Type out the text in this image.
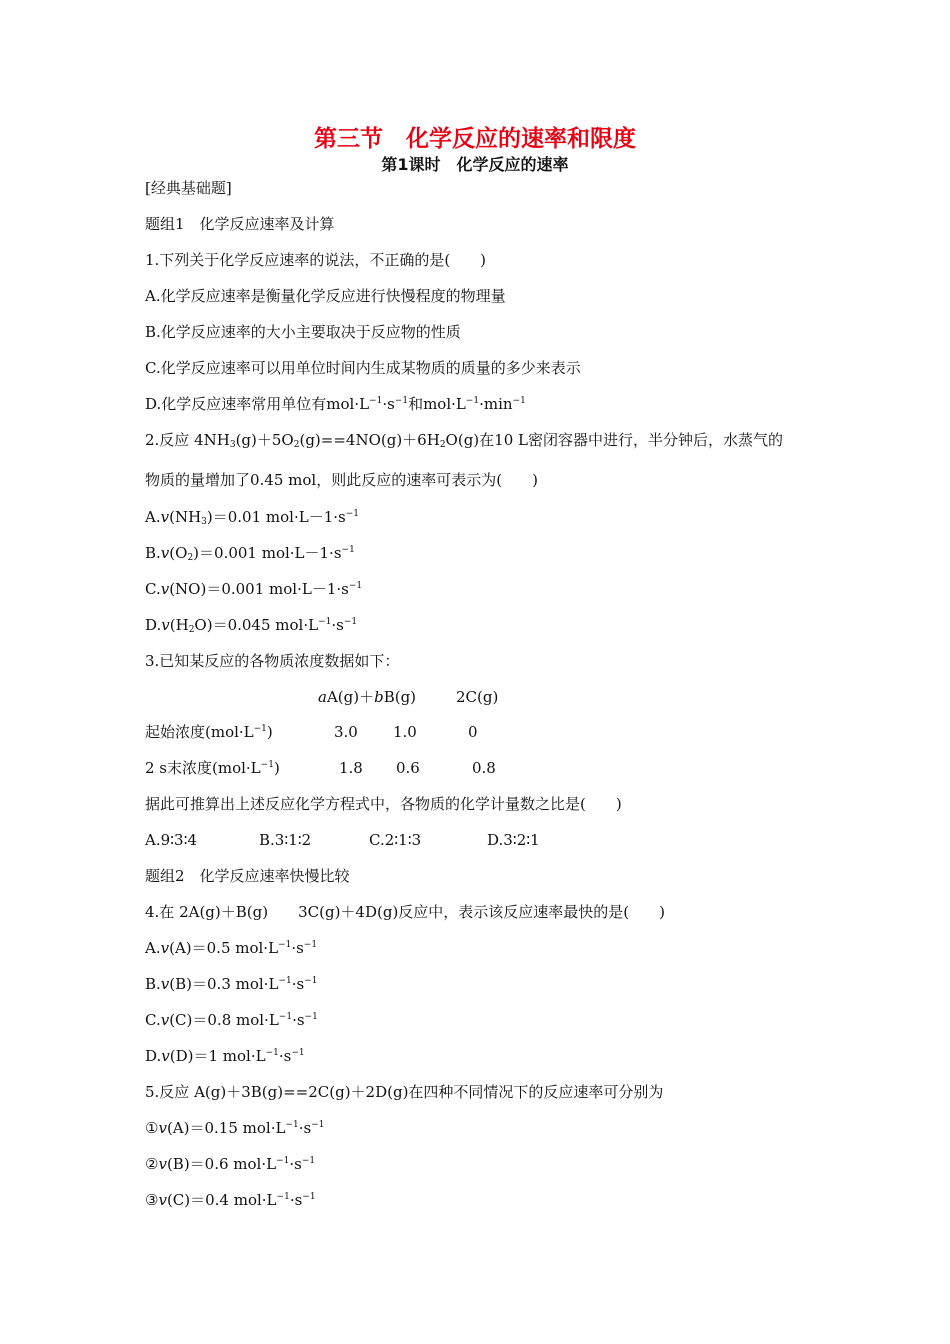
第三节　化学反应的速率和限度
第1课时　化学反应的速率
[经典基础题]
题组1　化学反应速率及计算
1.下列关于化学反应速率的说法，不正确的是(　　)
A.化学反应速率是衡量化学反应进行快慢程度的物理量
B.化学反应速率的大小主要取决于反应物的性质
C.化学反应速率可以用单位时间内生成某物质的质量的多少来表示
D.化学反应速率常用单位有$mol\cdot L^{-1}\cdot s^{-1}$和$mol\cdot L^{-1}\cdot\min^{-1}$
2.反应 $4NH_3(g)+5O_2(g)==4NO(g)+6H_2O(g)$在10 L密闭容器中进行，半分钟后，水蒸气的
物质的量增加了0.45 mol，则此反应的速率可表示为(　　)
$A.v(NH_3)=0.01$ $mol\cdot L-1\cdot s^{-1}$
$B.v(O_2)=0.001$ $mol\cdot L-1\cdot s^{-1}$
C.v(NO)＝0.001 $mol\cdot L-1\cdot s^{-1}$
$D.v(H_2O)=0.045$ $mol\cdot L^{-1}\cdot s^{-1}$
3.已知某反应的各物质浓度数据如下：
aA(g)＋bB(g)	2C(g)
起始浓度$(mol\cdot L^{-1})$	3.0 1.0	0
2 s末浓度$(mol\cdot L^{-1})$	1.8 0.6	0.8
据此可推算出上述反应化学方程式中，各物质的化学计量数之比是(　　)
A.9∶3∶4	B.3∶1∶2	C.2∶1∶3	D.3∶2∶1
题组2　化学反应速率快慢比较
4.在 2A(g)＋B(g) 3C(g)＋4D(g)反应中，表示该反应速率最快的是(　　)
A.v(A)＝0.5 $mol\cdot L^{-1}\cdot s^{-1}$
B.v(B)＝0.3 $mol\cdot L^{-1}\cdot s^{-1}$
C.v(C)＝0.8 $mol\cdot L^{-1}\cdot s^{-1}$
D.v(D)＝1 $mol\cdot L^{-1}\cdot s^{-1}$
5.反应 A(g)＋3B(g)==2C(g)＋2D(g)在四种不同情况下的反应速率可分别为
①v(A)＝0.15 $mol\cdot L^{-1}\cdot s^{-1}$
②v(B)＝0.6 $mol\cdot L^{-1}\cdot s^{-1}$
③v(C)＝0.4 $mol\cdot L^{-1}\cdot s^{-1}$
